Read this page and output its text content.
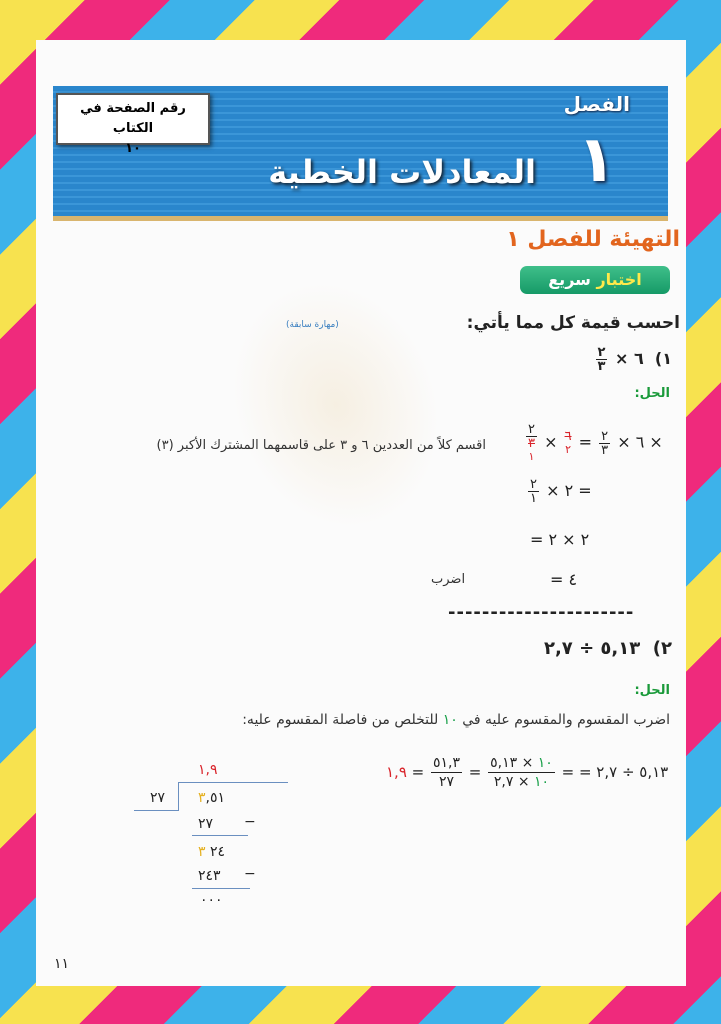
رقم الصفحة في الكتاب
١٠
الفصل
١
المعادلات الخطية
التهيئة للفصل ١
اختبار سريع
احسب قيمة كل مما يأتي:
(مهارة سابقة)
$\frac{٢}{٣}$ ٦ × ١)
الحل:
٢
٣
١
× ٦
٢ = $\frac{٢}{٣}$ × ٦ ×
اقسم كلاً من العددين ٦ و ٣ على قاسمهما المشترك الأكبر (٣)
$\frac{٢}{١}$ = ٢ ×
= ٢ × ٢
= ٤
اضرب
----------------------
٢)  ٥,١٣ ÷ ٢,٧
الحل:
اضرب المقسوم والمقسوم عليه في ١٠ للتخلص من فاصلة المقسوم عليه:
١,٩ = $\frac{٥١,٣}{٢٧} = \frac{١٠ \times ٥,١٣}{١٠ \times ٢,٧}$ = ٥,١٣ ÷ ٢,٧ =
١,٩
٢٧ ٣٥١,
٢٧ −
٢٤ ٣
٢٤٣ −
٠٠٠
١١
